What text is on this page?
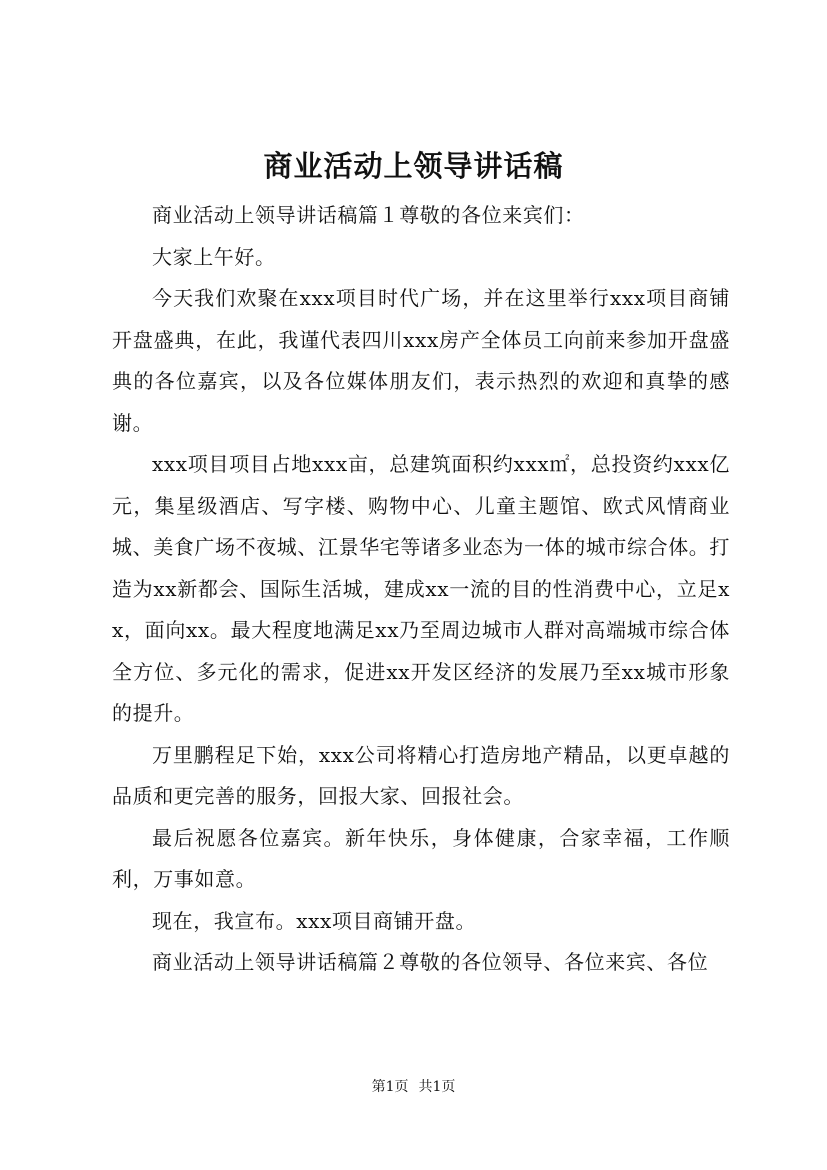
商业活动上领导讲话稿

商业活动上领导讲话稿篇１尊敬的各位来宾们：

大家上午好。

今天我们欢聚在xxx项目时代广场，并在这里举行xxx项目商铺开盘盛典，在此，我谨代表四川xxx房产全体员工向前来参加开盘盛典的各位嘉宾，以及各位媒体朋友们，表示热烈的欢迎和真挚的感谢。

xxx项目项目占地xxx亩，总建筑面积约xxx㎡，总投资约xxx亿元，集星级酒店、写字楼、购物中心、儿童主题馆、欧式风情商业城、美食广场不夜城、江景华宅等诸多业态为一体的城市综合体。打造为xx新都会、国际生活城，建成xx一流的目的性消费中心，立足xx，面向xx。最大程度地满足xx乃至周边城市人群对高端城市综合体全方位、多元化的需求，促进xx开发区经济的发展乃至xx城市形象的提升。

万里鹏程足下始，xxx公司将精心打造房地产精品，以更卓越的品质和更完善的服务，回报大家、回报社会。

最后祝愿各位嘉宾。新年快乐，身体健康，合家幸福，工作顺利，万事如意。

现在，我宣布。xxx项目商铺开盘。

商业活动上领导讲话稿篇２尊敬的各位领导、各位来宾、各位

第1页 共1页
